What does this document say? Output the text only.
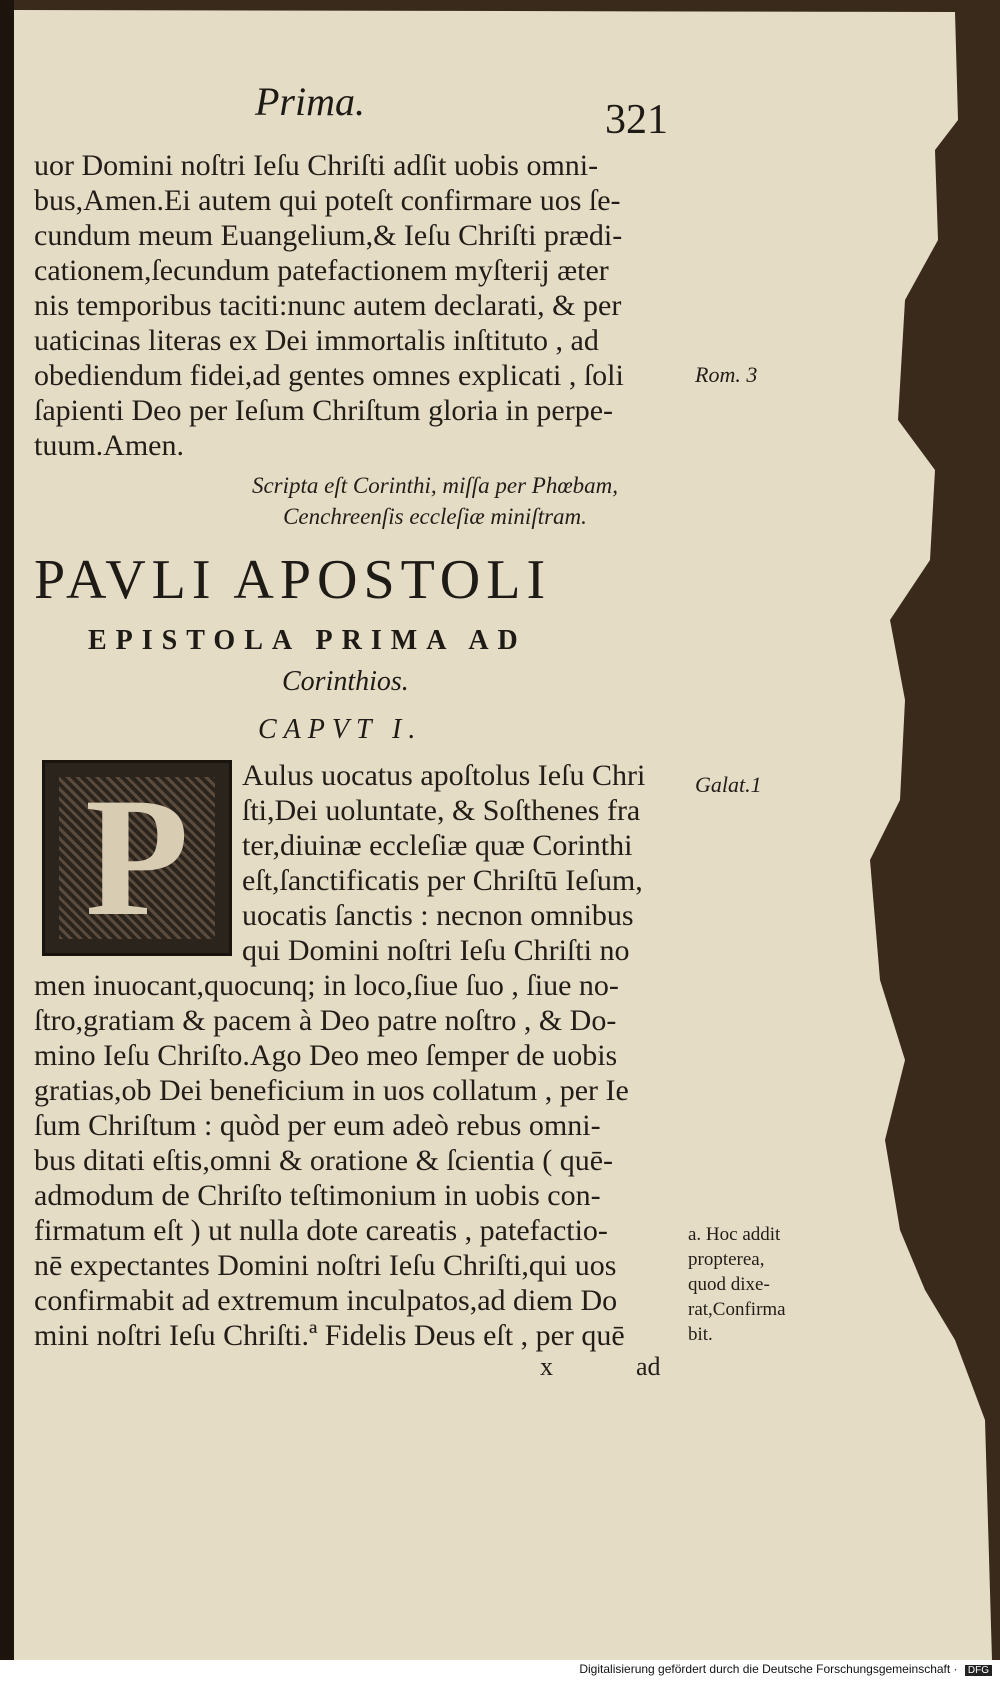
Prima.	321
uor Domini noſtri Ieſu Chriſti adſit uobis omni-
bus,Amen.Ei autem qui poteſt confirmare uos ſe-
cundum meum Euangelium,& Ieſu Chriſti prædi-
cationem,ſecundum patefactionem myſterij æter
nis temporibus taciti:nunc autem declarati, & per
uaticinas literas ex Dei immortalis inſtituto , ad
obediendum fidei,ad gentes omnes explicati , ſoli
ſapienti Deo per Ieſum Chriſtum gloria in perpe-
tuum.Amen.
Scripta eſt Corinthi, miſſa per Phœbam,
Cenchreenſis eccleſiæ miniſtram.
PAVLI APOSTOLI
EPISTOLA PRIMA AD
Corinthios.
CAPVT I.
P	Aulus uocatus apoſtolus Ieſu Chri
ſti,Dei uoluntate, & Soſthenes fra
ter,diuinæ eccleſiæ quæ Corinthi
eſt,ſanctificatis per Chriſtū Ieſum,
uocatis ſanctis : necnon omnibus
qui Domini noſtri Ieſu Chriſti no
men inuocant,quocunq; in loco,ſiue ſuo , ſiue no-
ſtro,gratiam & pacem à Deo patre noſtro , & Do-
mino Ieſu Chriſto.Ago Deo meo ſemper de uobis
gratias,ob Dei beneficium in uos collatum , per Ie
ſum Chriſtum : quòd per eum adeò rebus omni-
bus ditati eſtis,omni & oratione & ſcientia ( quē-
admodum de Chriſto teſtimonium in uobis con-
firmatum eſt ) ut nulla dote careatis , patefactio-
nē expectantes Domini noſtri Ieſu Chriſti,qui uos
confirmabit ad extremum inculpatos,ad diem Do
mini noſtri Ieſu Chriſti.ª Fidelis Deus eſt , per quē
Rom. 3
Galat.1
a. Hoc addit
propterea,
quod dixe-
rat,Confirma
bit.
x	ad
Digitalisierung gefördert durch die Deutsche Forschungsgemeinschaft · DFG
